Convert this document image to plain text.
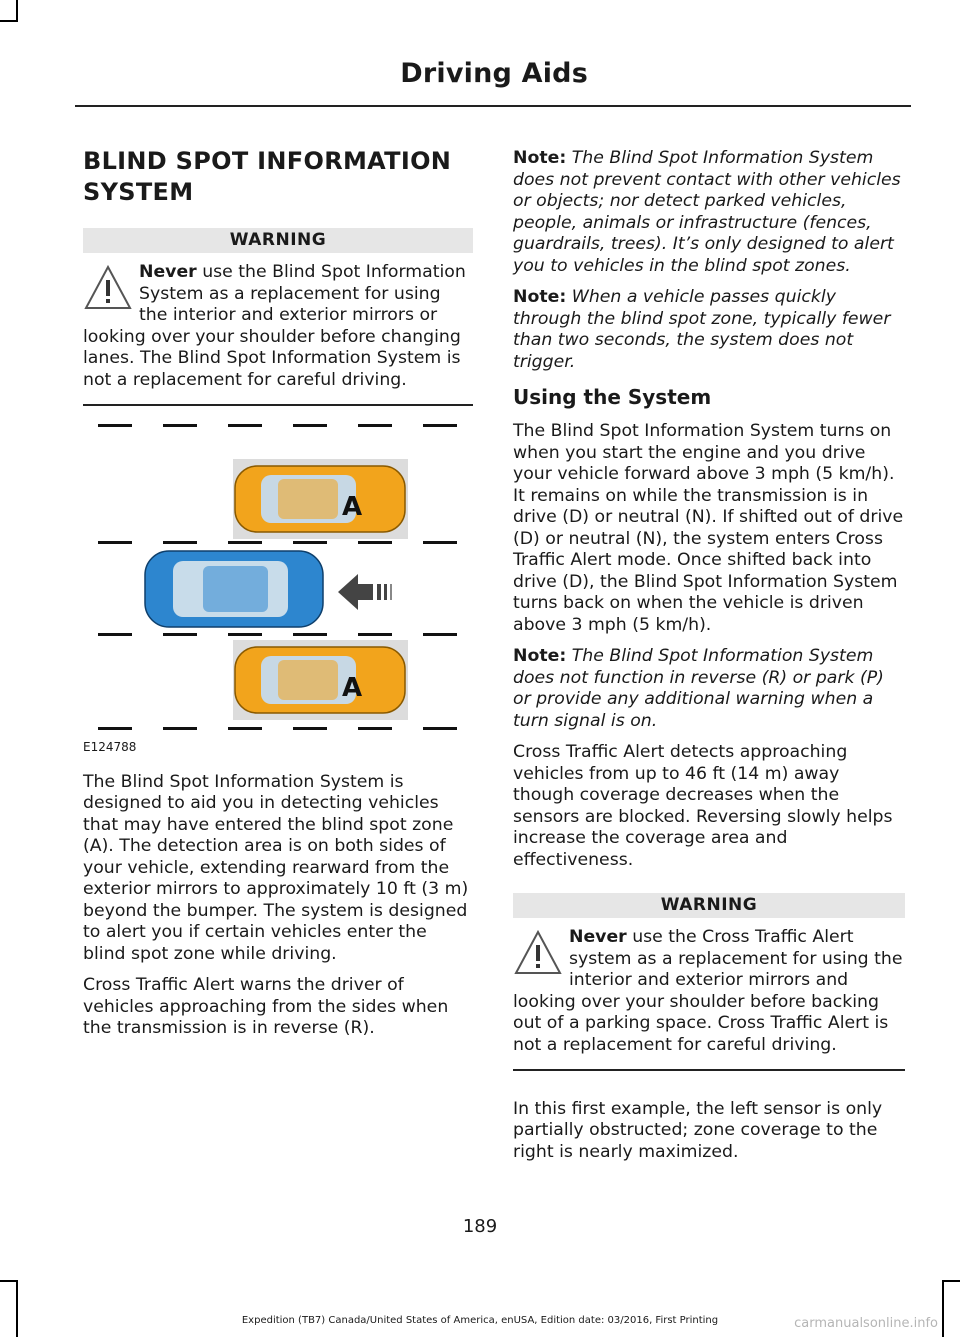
Driving Aids
BLIND SPOT INFORMATION
SYSTEM
WARNING
Never use the Blind Spot Information System as a replacement for using the interior and exterior mirrors or looking over your shoulder before changing lanes. The Blind Spot Information System is not a replacement for careful driving.
A
A
E124788

The Blind Spot Information System is designed to aid you in detecting vehicles that may have entered the blind spot zone (A). The detection area is on both sides of your vehicle, extending rearward from the exterior mirrors to approximately 10 ft (3 m) beyond the bumper. The system is designed to alert you if certain vehicles enter the blind spot zone while driving.

Cross Traffic Alert warns the driver of vehicles approaching from the sides when the transmission is in reverse (R).

Note: The Blind Spot Information System does not prevent contact with other vehicles or objects; nor detect parked vehicles, people, animals or infrastructure (fences, guardrails, trees). It’s only designed to alert you to vehicles in the blind spot zones.

Note: When a vehicle passes quickly through the blind spot zone, typically fewer than two seconds, the system does not trigger.

Using the System

The Blind Spot Information System turns on when you start the engine and you drive your vehicle forward above 3 mph (5 km/h). It remains on while the transmission is in drive (D) or neutral (N). If shifted out of drive (D) or neutral (N), the system enters Cross Traffic Alert mode. Once shifted back into drive (D), the Blind Spot Information System turns back on when the vehicle is driven above 3 mph (5 km/h).

Note: The Blind Spot Information System does not function in reverse (R) or park (P) or provide any additional warning when a turn signal is on.

Cross Traffic Alert detects approaching vehicles from up to 46 ft (14 m) away though coverage decreases when the sensors are blocked. Reversing slowly helps increase the coverage area and effectiveness.

WARNING
Never use the Cross Traffic Alert system as a replacement for using the interior and exterior mirrors and looking over your shoulder before backing out of a parking space. Cross Traffic Alert is not a replacement for careful driving.

In this first example, the left sensor is only partially obstructed; zone coverage to the right is nearly maximized.

189
Expedition (TB7) Canada/United States of America, enUSA, Edition date: 03/2016, First Printing	carmanualsonline.info
